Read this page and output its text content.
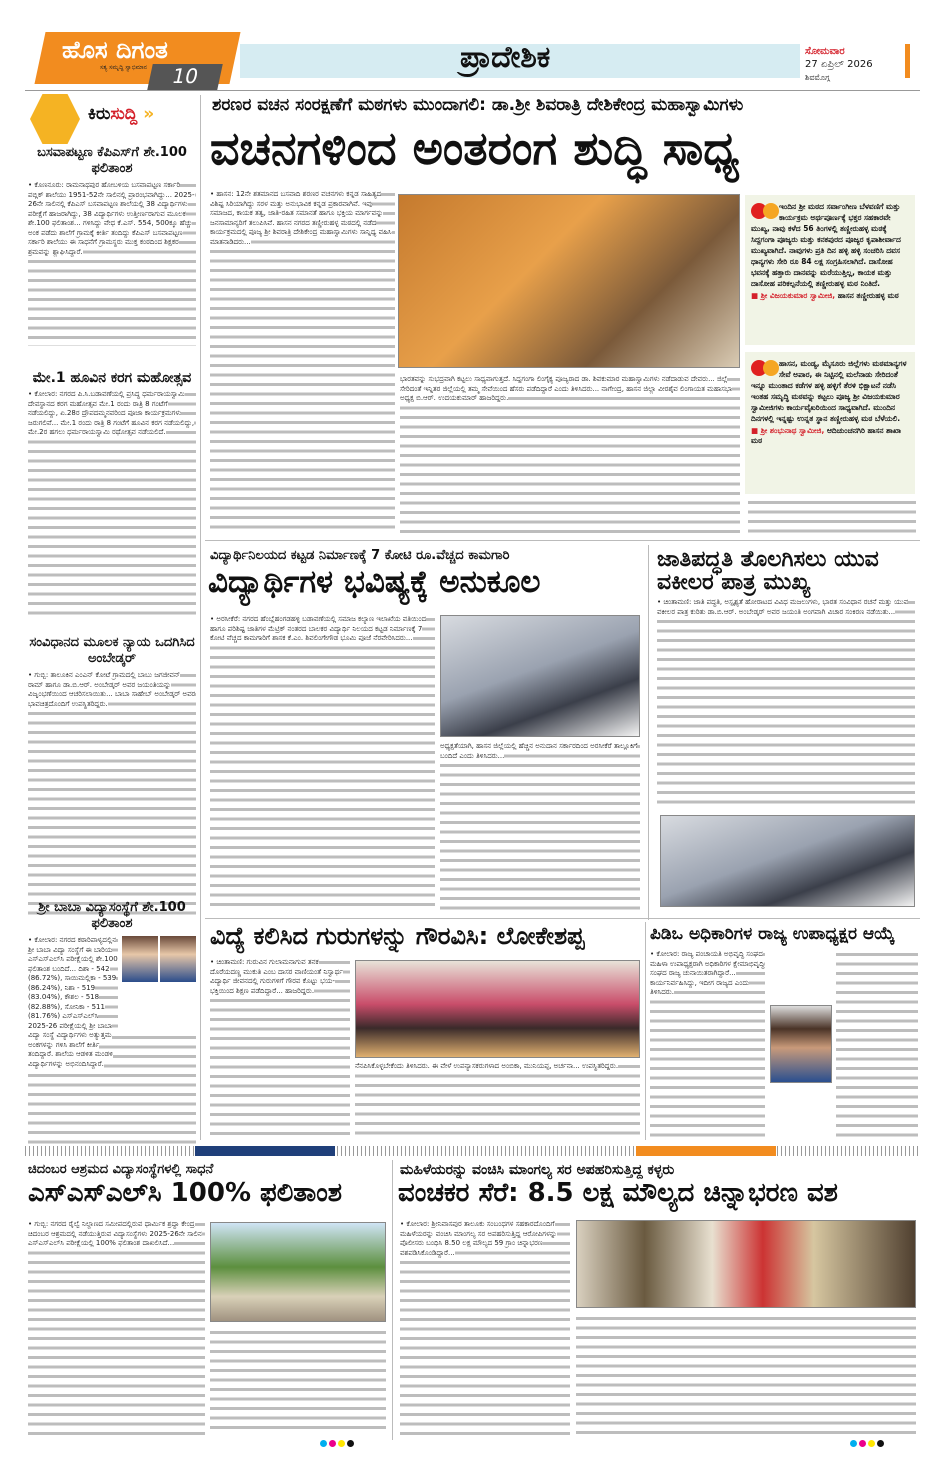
ಹೊಸ ದಿಗಂತ
ಸತ್ಯ ಸಮೃದ್ಧಿ ಸ್ವಾಭಿಮಾನ	10
ಪ್ರಾದೇಶಿಕ	ಸೋಮವಾರ
27 ಏಪ್ರಿಲ್ 2026
ಶಿವಮೊಗ್ಗ
ಕಿರುಸುದ್ದಿ »
ಬಸವಾಪಟ್ಟಣ ಕೆಪಿಎಸ್‌ಗೆ ಶೇ.100 ಫಲಿತಾಂಶ
• ಕೊಣನೂರು: ರಾಮನಾಥಪುರ ಹೋಬಳಿಯ ಬಸವಾಪಟ್ಟಣ ಸರ್ಕಾರಿ ಪಬ್ಲಿಕ್ ಶಾಲೆಯು 1951-52ನೇ ಸಾಲಿನಲ್ಲಿ ಪ್ರಾರಂಭವಾಗಿದ್ದು... 2025-26ನೇ ಸಾಲಿನಲ್ಲಿ ಕೆಪಿಎಸ್ ಬಸವಾಪಟ್ಟಣ ಶಾಲೆಯಲ್ಲಿ 38 ವಿದ್ಯಾರ್ಥಿಗಳು ಪರೀಕ್ಷೆಗೆ ಹಾಜರಾಗಿದ್ದು, 38 ವಿದ್ಯಾರ್ಥಿಗಳು ಉತ್ತೀರ್ಣರಾಗುವ ಮೂಲಕ ಶೇ.100 ಫಲಿತಾಂಶ... ಗಳಿಸಿದ್ದು ವೇಧ ಕೆ.ಎಸ್. 554, 500ಕ್ಕೂ ಹೆಚ್ಚು ಅಂಕ ಪಡೆದು ಶಾಲೆಗೆ ಗ್ರಾಮಕ್ಕೆ ಕೀರ್ತಿ ತಂದಿದ್ದು ಕೆಪಿಎಸ್ ಬಸವಾಪಟ್ಟಣ ಸರ್ಕಾರಿ ಶಾಲೆಯು ಈ ಸಾಧನೆಗೆ ಗ್ರಾಮಸ್ಥರು ಮುಕ್ತ ಕಂಠದಿಂದ ಶಿಕ್ಷಕರ ಶ್ರಮವನ್ನು ಶ್ಲಾಘಿಸಿದ್ದಾರೆ.
ಮೇ.1 ಹೂವಿನ ಕರಗ ಮಹೋತ್ಸವ
• ಕೋಲಾರ: ನಗರದ ಪಿ.ಸಿ.ಬಡಾವಣೆಯಲ್ಲಿ ಪ್ರಸಿದ್ಧ ಧರ್ಮರಾಯಸ್ವಾಮಿ ದೇವಸ್ಥಾನದ ಕರಗ ಮಹೋತ್ಸವ ಮೇ.1 ರಂದು ರಾತ್ರಿ 8 ಗಂಟೆಗೆ ನಡೆಯಲಿದ್ದು, ಏ.28ರ ದ್ರೌಪದಮ್ಮನವರಿಂದ ಪೂಜಾ ಕಾರ್ಯಕ್ರಮಗಳು ಜರುಗಲಿವೆ... ಮೇ.1 ರಂದು ರಾತ್ರಿ 8 ಗಂಟೆಗೆ ಹೂವಿನ ಕರಗ ನಡೆಯಲಿದ್ದು, ಮೇ.2ರ ಹಗಲು ಧರ್ಮರಾಯಸ್ವಾಮಿ ರಥೋತ್ಸವ ನಡೆಯಲಿದೆ.
ಸಂವಿಧಾನದ ಮೂಲಕ ನ್ಯಾಯ ಒದಗಿಸಿದ ಅಂಬೇಡ್ಕರ್
• ಗುಬ್ಬಿ: ತಾಲೂಕಿನ ಎಂಎನ್ ಕೋಟೆ ಗ್ರಾಮದಲ್ಲಿ ಬಾಬು ಜಗಜೀವನ್ ರಾಮ್ ಹಾಗೂ ಡಾ.ಬಿ.ಆರ್. ಅಂಬೇಡ್ಕರ್ ಅವರ ಜಯಂತಿಯನ್ನು ವಿಜೃಂಭಣೆಯಿಂದ ಆಚರಿಸಲಾಯಿತು... ಬಾಬಾ ಸಾಹೇಬ್ ಅಂಬೇಡ್ಕರ್ ಅವರ ಭಾವಚಿತ್ರದೊಂದಿಗೆ ಉಪಸ್ಥಿತರಿದ್ದರು.
ಶ್ರೀ ಬಾಬಾ ವಿದ್ಯಾಸಂಸ್ಥೆಗೆ ಶೇ.100 ಫಲಿತಾಂಶ
• ಕೋಲಾರ: ನಗರದ ಕಠಾರಿಪಾಳ್ಯದಲ್ಲಿನ ಶ್ರೀ ಬಾಬಾ ವಿದ್ಯಾ ಸಂಸ್ಥೆಗೆ ಈ ಬಾರಿಯ ಎಸ್‌ಎಸ್‌ಎಲ್‌ಸಿ ಪರೀಕ್ಷೆಯಲ್ಲಿ ಶೇ.100 ಫಲಿತಾಂಶ ಬಂದಿದೆ... ದಿಶಾ - 542 (86.72%), ಸಾಯಿಮಲ್ಲಿಕಾ - 539 (86.24%), ನಿಶಾ - 519 (83.04%), ಕೌಶಲ - 518 (82.88%), ಸೋನಿಕಾ - 511 (81.76%) ಎಸ್‌ಎಸ್‌ಎಲ್‌ಸಿ 2025-26 ಪರೀಕ್ಷೆಯಲ್ಲಿ ಶ್ರೀ ಬಾಬಾ ವಿದ್ಯಾ ಸಂಸ್ಥೆ ವಿದ್ಯಾರ್ಥಿಗಳು ಅತ್ಯುತ್ತಮ ಅಂಕಗಳನ್ನು ಗಳಿಸಿ ಶಾಲೆಗೆ ಕೀರ್ತಿ ತಂದಿದ್ದಾರೆ. ಶಾಲೆಯ ಆಡಳಿತ ಮಂಡಳಿ ವಿದ್ಯಾರ್ಥಿಗಳನ್ನು ಅಭಿನಂದಿಸಿದ್ದಾರೆ.
ಶರಣರ ವಚನ ಸಂರಕ್ಷಣೆಗೆ ಮಠಗಳು ಮುಂದಾಗಲಿ: ಡಾ.ಶ್ರೀ ಶಿವರಾತ್ರಿ ದೇಶಿಕೇಂದ್ರ ಮಹಾಸ್ವಾಮಿಗಳು
ವಚನಗಳಿಂದ ಅಂತರಂಗ ಶುದ್ಧಿ ಸಾಧ್ಯ
• ಹಾಸನ: 12ನೇ ಶತಮಾನದ ಬಸವಾದಿ ಶರಣರ ವಚನಗಳು ಕನ್ನಡ ಸಾಹಿತ್ಯದ ವಿಶಿಷ್ಟ ಸಿರಿಯಾಗಿದ್ದು ಸರಳ ಮತ್ತು ಅನುಭಾವಿಕ ಕನ್ನಡ ಪ್ರಕಾರವಾಗಿವೆ. ಇವು ಸಮಾಜದ, ಕಾಯಕ ತತ್ವ, ಜಾತಿ-ರಹಿತ ಸಮಾನತೆ ಹಾಗೂ ಭಕ್ತಿಯ ಮಾರ್ಗವನ್ನು ಜನಸಾಮಾನ್ಯರಿಗೆ ತಲುಪಿಸಿವೆ. ಹಾಸನ ನಗರದ ತಣ್ಣೀರುಹಳ್ಳ ಮಠದಲ್ಲಿ ನಡೆದ ಕಾರ್ಯಕ್ರಮದಲ್ಲಿ ಪೂಜ್ಯ ಶ್ರೀ ಶಿವರಾತ್ರಿ ದೇಶಿಕೇಂದ್ರ ಮಹಾಸ್ವಾಮಿಗಳು ಸಾನ್ನಿಧ್ಯ ವಹಿಸಿ ಮಾತನಾಡಿದರು...
ಭಾರತವನ್ನು ಸುಭದ್ರವಾಗಿ ಕಟ್ಟಲು ಸಾಧ್ಯವಾಗುತ್ತದೆ. ಸಿದ್ದಗಂಗಾ ಲಿಂಗೈಕ್ಯ ಪೂಜ್ಯರಾದ ಡಾ. ಶಿವಕುಮಾರ ಮಹಾಸ್ವಾಮಿಗಳು ನಡೆದಾಡುವ ದೇವರು... ಜಿಲ್ಲೆ ಸೇರಿದಂತೆ ಇನ್ನಿತರ ಜಿಲ್ಲೆಯಲ್ಲಿ ತಮ್ಮ ಸೇವೆಯಿಂದ ಹೆಸರು ಪಡೆದಿದ್ದಾರೆ ಎಂದು ತಿಳಿಸಿದರು... ನಾಗೇಂದ್ರ, ಹಾಸನ ಜಿಲ್ಲಾ ವೀರಶೈವ ಲಿಂಗಾಯತ ಮಹಾಸಭಾ ಅಧ್ಯಕ್ಷ ಬಿ.ಆರ್. ಉದಯಕುಮಾರ್ ಹಾಜರಿದ್ದರು.
ಇಂದಿನ ಶ್ರೀ ಮಠದ ಸರ್ವಾಂಗೀಣ ಬೆಳವಣಿಗೆ ಮತ್ತು ಕಾರ್ಯಕ್ರಮ ಅರ್ಥಪೂರ್ಣಕ್ಕೆ ಭಕ್ತರ ಸಹಕಾರವೇ ಮುಖ್ಯ, ನಾವು ಕಳೆದ 56 ತಿಂಗಳಲ್ಲಿ ತಣ್ಣೀರುಹಳ್ಳ ಮಠಕ್ಕೆ ಸಿದ್ದಗಂಗಾ ಪೂಜ್ಯರು ಮತ್ತು ಕನಕಪುರದ ಪೂಜ್ಯರ ಕೃಪಾಶೀರ್ವಾದ ಮುಖ್ಯವಾಗಿದೆ. ನಾವುಗಳು ಪ್ರತಿ ದಿನ ಹಳ್ಳಿ ಹಳ್ಳಿ ಸಂಚರಿಸಿ ದವಸ ಧಾನ್ಯಗಳು ಸೇರಿ ರೂ 84 ಲಕ್ಷ ಸಂಗ್ರಹಿಸಲಾಗಿದೆ. ದಾಸೋಹ ಭವನಕ್ಕೆ ಹತ್ತಾರು ದಾನವನ್ನು ಮರೆಯುತ್ತಿಲ್ಲ, ಕಾಯಕ ಮತ್ತು ದಾಸೋಹ ಪರಿಕಲ್ಪನೆಯಲ್ಲಿ ತಣ್ಣೀರುಹಳ್ಳ ಮಠ ನಿಂತಿದೆ.
■ ಶ್ರೀ ವಿಜಯಕುಮಾರ ಸ್ವಾಮೀಜಿ, ಹಾಸನ ತಣ್ಣೀರುಹಳ್ಳ ಮಠ
ಹಾಸನ, ಮಂಡ್ಯ, ಮೈಸೂರು ಜಿಲ್ಲೆಗಳು ಮಠಮಾನ್ಯಗಳ ಸೇವೆ ಅಪಾರ, ಈ ನಿಟ್ಟಿನಲ್ಲಿ ಮಲೆನಾಡು ಸೇರಿದಂತೆ ಇನ್ನೂ ಮುಂತಾದ ಕಡೆಗಳ ಹಳ್ಳಿ ಹಳ್ಳಿಗೆ ತೆರಳಿ ಭಿಕ್ಷಾಟನೆ ನಡೆಸಿ ಇಂತಹ ಸಮೃದ್ಧಿ ಮಠವನ್ನು ಕಟ್ಟಲು ಪೂಜ್ಯ ಶ್ರೀ ವಿಜಯಕುಮಾರ ಸ್ವಾಮೀಜಿಗಳು ಕಾರ್ಯವೈಖರಿಯಿಂದ ಸಾಧ್ಯವಾಗಿದೆ. ಮುಂದಿನ ದಿನಗಳಲ್ಲಿ ಇನ್ನಷ್ಟು ಉನ್ನತ ಸ್ಥಾನ ತಣ್ಣೀರುಹಳ್ಳ ಮಠ ಬೆಳೆಯಲಿ.
■ ಶ್ರೀ ಶಂಭುನಾಥ ಸ್ವಾಮೀಜಿ, ಆದಿಚುಂಚನಗಿರಿ ಹಾಸನ ಶಾಖಾ ಮಠ
ವಿದ್ಯಾರ್ಥಿನಿಲಯದ ಕಟ್ಟಡ ನಿರ್ಮಾಣಕ್ಕೆ 7 ಕೋಟಿ ರೂ.ವೆಚ್ಚದ ಕಾಮಗಾರಿ
ವಿದ್ಯಾರ್ಥಿಗಳ ಭವಿಷ್ಯಕ್ಕೆ ಅನುಕೂಲ
• ಅರಸೀಕೆರೆ: ನಗರದ ಹೆಂಬ್ಲೆಹಂಗಡಹಳ್ಳಿ ಬಡಾವಣೆಯಲ್ಲಿ ಸಮಾಜ ಕಲ್ಯಾಣ ಇಲಾಖೆಯ ವತಿಯಿಂದ ಹಾಗೂ ಪರಿಶಿಷ್ಟ ಜಾತಿಗಳ ಮೆಟ್ರಿಕ್ ನಂತರದ ಬಾಲಕರ ವಿದ್ಯಾರ್ಥಿ ನಿಲಯದ ಕಟ್ಟಡ ನಿರ್ಮಾಣಕ್ಕೆ 7 ಕೋಟಿ ವೆಚ್ಚದ ಕಾಮಗಾರಿಗೆ ಶಾಸಕ ಕೆ.ಎಂ. ಶಿವಲಿಂಗೇಗೌಡ ಭೂಮಿ ಪೂಜೆ ನೆರವೇರಿಸಿದರು...
ಅಧ್ಯಕ್ಷತೆಯಾಗಿ, ಹಾಸನ ಜಿಲ್ಲೆಯಲ್ಲಿ ಹೆಚ್ಚಿನ ಅನುದಾನ ಸರ್ಕಾರದಿಂದ ಅರಸೀಕೆರೆ ತಾಲ್ಲೂಕಿಗೆ ಬಂದಿದೆ ಎಂದು ತಿಳಿಸಿದರು...
ಜಾತಿಪದ್ಧತಿ ತೊಲಗಿಸಲು ಯುವ ವಕೀಲರ ಪಾತ್ರ ಮುಖ್ಯ
• ಚಿಂತಾಮಣಿ: ಜಾತಿ ಪದ್ಧತಿ, ಅಸ್ಪೃಶ್ಯತೆ ಹೋರಾಟದ ವಿವಿಧ ಮಜಲುಗಳು, ಭಾರತ ಸಂವಿಧಾನ ರಚನೆ ಮತ್ತು ಯುವ ವಕೀಲರ ಪಾತ್ರ ಕುರಿತು ಡಾ.ಬಿ.ಆರ್. ಅಂಬೇಡ್ಕರ್ ಅವರ ಜಯಂತಿ ಅಂಗವಾಗಿ ವಿಚಾರ ಸಂಕಿರಣ ನಡೆಯಿತು...
ವಿದ್ಯೆ ಕಲಿಸಿದ ಗುರುಗಳನ್ನು ಗೌರವಿಸಿ: ಲೋಕೇಶಪ್ಪ
• ಚಿಂತಾಮಣಿ: ಗುರುವಿನ ಗುಲಾಮನಾಗುವ ತನಕ ದೊರೆಯದಣ್ಣ ಮುಕುತಿ ಎಂಬ ದಾಸರ ವಾಣಿಯಂತೆ ನಿಸ್ವಾರ್ಥ ವಿದ್ಯಾರ್ಥಿ ಜೀವನದಲ್ಲಿ ಗುರುಗಳಿಗೆ ಗೌರವ ಕೊಟ್ಟು ಭಯ-ಭಕ್ತಿಯಿಂದ ಶಿಕ್ಷಣ ಪಡೆದಿದ್ದಾರೆ... ಹಾಜರಿದ್ದರು.
ನೆನಪಿಸಿಕೊಳ್ಳಬೇಕೆಂದು ತಿಳಿಸಿದರು. ಈ ವೇಳೆ ಉಪನ್ಯಾಸಕರುಗಳಾದ ಅಂಬಿಕಾ, ಮುನಿಯಪ್ಪ, ಅರ್ಚನಾ... ಉಪಸ್ಥಿತರಿದ್ದರು.
ಪಿಡಿಒ ಅಧಿಕಾರಿಗಳ ರಾಜ್ಯ ಉಪಾಧ್ಯಕ್ಷರ ಆಯ್ಕೆ
• ಕೋಲಾರ: ರಾಜ್ಯ ಪಂಚಾಯತಿ ಅಭಿವೃದ್ಧಿ ಸಂಘದ ಮಹಿಳಾ ಉಪಾಧ್ಯಕ್ಷರಾಗಿ ಅಧಿಕಾರಿಗಳ ಕ್ಷೇಮಾಭಿವೃದ್ಧಿ ಸಂಘದ ರಾಜ್ಯ ಚುನಾಯಿತರಾಗಿದ್ದಾರೆ... ಕಾರ್ಯನಿರ್ವಹಿಸಿದ್ದು, ಇದೀಗ ರಾಜ್ಯದ ಎಂದು ತಿಳಿಸಿದರು.
ಚಿದಂಬರ ಆಶ್ರಮದ ವಿದ್ಯಾಸಂಸ್ಥೆಗಳಲ್ಲಿ ಸಾಧನೆ
ಎಸ್‌ಎಸ್‌ಎಲ್‌ಸಿ 100% ಫಲಿತಾಂಶ
• ಗುಬ್ಬಿ: ನಗರದ ರೈಲ್ವೆ ನಿಲ್ದಾಣದ ಸಮೀಪದಲ್ಲಿರುವ ಧಾರ್ಮಿಕ ಶ್ರದ್ಧಾ ಕೇಂದ್ರ ಚಿದಂಬರ ಆಶ್ರಮದಲ್ಲಿ ನಡೆಯುತ್ತಿರುವ ವಿದ್ಯಾಸಂಸ್ಥೆಗಳು 2025-26ನೇ ಸಾಲಿನ ಎಸ್‌ಎಸ್‌ಎಲ್‌ಸಿ ಪರೀಕ್ಷೆಯಲ್ಲಿ 100% ಫಲಿತಾಂಶ ದಾಖಲಿಸಿದೆ...
ಮಹಿಳೆಯರನ್ನು ವಂಚಿಸಿ ಮಾಂಗಲ್ಯ ಸರ ಅಪಹರಿಸುತ್ತಿದ್ದ ಕಳ್ಳರು
ವಂಚಕರ ಸೆರೆ: 8.5 ಲಕ್ಷ ಮೌಲ್ಯದ ಚಿನ್ನಾಭರಣ ವಶ
• ಕೋಲಾರ: ಶ್ರೀನಿವಾಸಪುರ ತಾಲೂಕು ಸಂಬಂಧಗಳ ಸಹಕಾರದೊಂದಿಗೆ ಮಹಿಳೆಯರನ್ನು ವಂಚಿಸಿ ಮಾಂಗಲ್ಯ ಸರ ಅಪಹರಿಸುತ್ತಿದ್ದ ಆರೋಪಿಗಳನ್ನು ಪೊಲೀಸರು ಬಂಧಿಸಿ 8.50 ಲಕ್ಷ ಮೌಲ್ಯದ 59 ಗ್ರಾಂ ಚಿನ್ನಾಭರಣ ವಶಪಡಿಸಿಕೊಂಡಿದ್ದಾರೆ...
